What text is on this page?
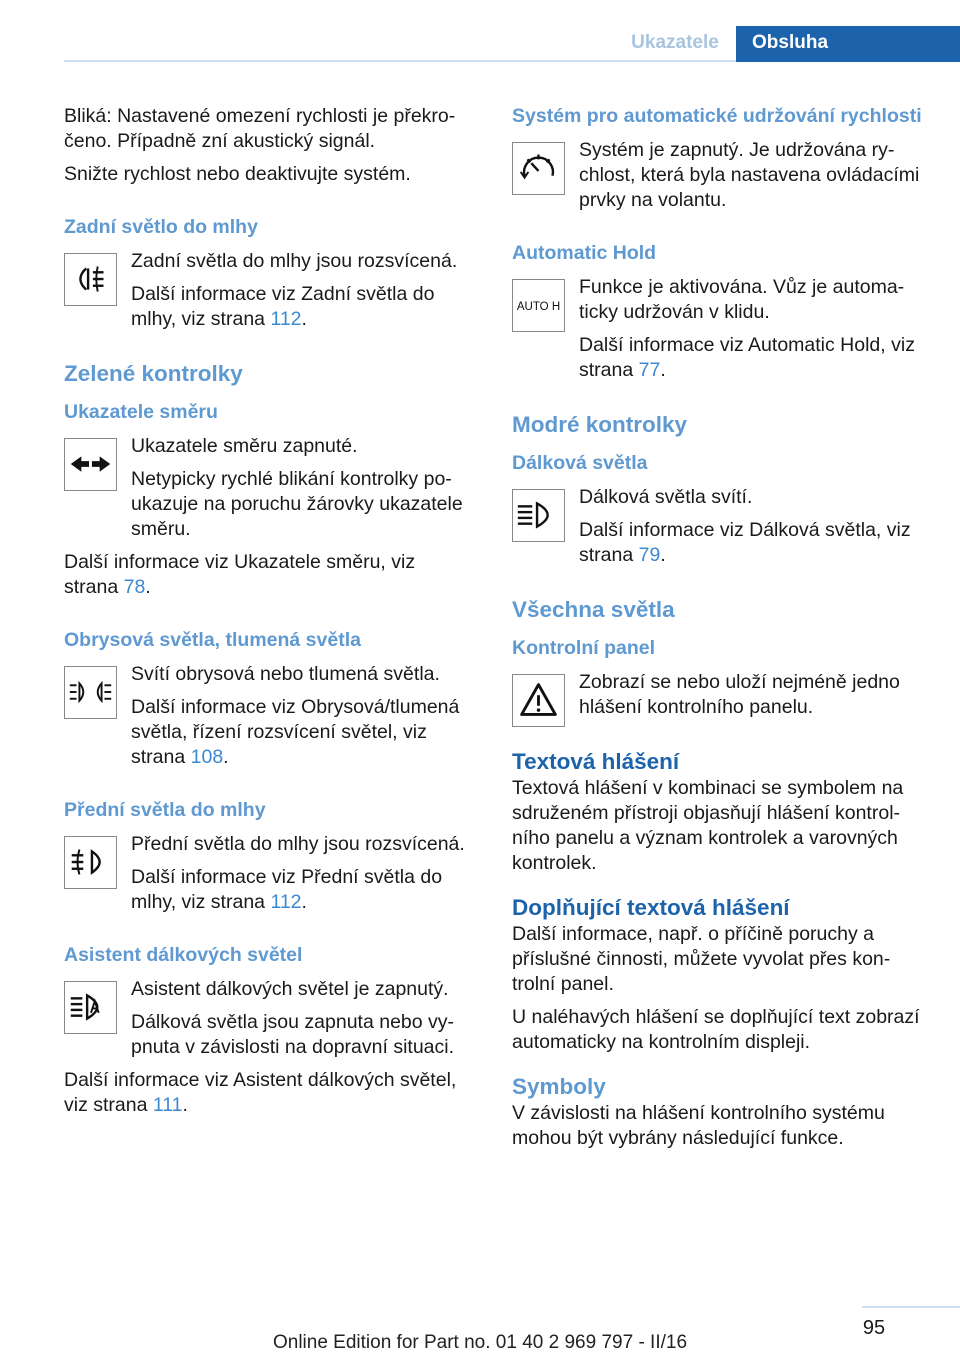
Ukazatele	Obsluha

Bliká: Nastavené omezení rychlosti je překro‐čeno. Případně zní akustický signál.

Snižte rychlost nebo deaktivujte systém.

Zadní světlo do mlhy

Zadní světla do mlhy jsou rozsvícená.

Další informace viz Zadní světla do mlhy, viz strana 112.

Zelené kontrolky
Ukazatele směru

Ukazatele směru zapnuté.

Netypicky rychlé blikání kontrolky po‐ukazuje na poruchu žárovky ukazatele směru.

Další informace viz Ukazatele směru, viz strana 78.

Obrysová světla, tlumená světla

Svítí obrysová nebo tlumená světla.

Další informace viz Obrysová/tlumená světla, řízení rozsvícení světel, viz strana 108.

Přední světla do mlhy

Přední světla do mlhy jsou rozsvícená.

Další informace viz Přední světla do mlhy, viz strana 112.

Asistent dálkových světel

Asistent dálkových světel je zapnutý.

Dálková světla jsou zapnuta nebo vy‐pnuta v závislosti na dopravní situaci.

Další informace viz Asistent dálkových světel, viz strana 111.

Systém pro automatické udržování rychlosti

Systém je zapnutý. Je udržována ry‐chlost, která byla nastavena ovládacími prvky na volantu.

Automatic Hold
AUTO H

Funkce je aktivována. Vůz je automa‐ticky udržován v klidu.

Další informace viz Automatic Hold, viz strana 77.

Modré kontrolky
Dálková světla

Dálková světla svítí.

Další informace viz Dálková světla, viz strana 79.

Všechna světla
Kontrolní panel

Zobrazí se nebo uloží nejméně jedno hlášení kontrolního panelu.

Textová hlášení

Textová hlášení v kombinaci se symbolem na sdruženém přístroji objasňují hlášení kontrol‐ního panelu a význam kontrolek a varovných kontrolek.

Doplňující textová hlášení

Další informace, např. o příčině poruchy a příslušné činnosti, můžete vyvolat přes kon‐trolní panel.

U naléhavých hlášení se doplňující text zobrazí automaticky na kontrolním displeji.

Symboly

V závislosti na hlášení kontrolního systému mohou být vybrány následující funkce.

95
Online Edition for Part no. 01 40 2 969 797 - II/16
